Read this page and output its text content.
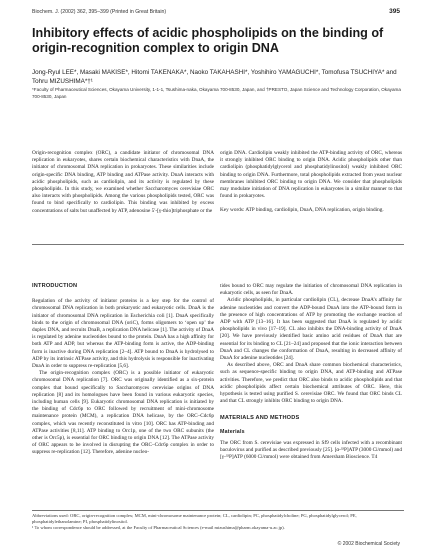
Biochem. J. (2002) 362, 395–399 (Printed in Great Britain)	395
Inhibitory effects of acidic phospholipids on the binding of origin-recognition complex to origin DNA
Jong-Ryul LEE*, Masaki MAKISE*, Hitomi TAKENAKA*, Naoko TAKAHASHI*, Yoshihiro YAMAGUCHI*, Tomofusa TSUCHIYA* and Tohru MIZUSHIMA*†¹
*Faculty of Pharmaceutical Sciences, Okayama University, 1-1-1, Tsushima-naka, Okayama 700-8530, Japan, and †PRESTO, Japan Science and Technology Corporation, Okayama 700-8530, Japan

Origin-recognition complex (ORC), a candidate initiator of chromosomal DNA replication in eukaryotes, shares certain biochemical characteristics with DnaA, the initiator of chromosomal DNA replication in prokaryotes. These similarities include origin-specific DNA binding, ATP binding and ATPase activity. DnaA interacts with acidic phospholipids, such as cardiolipin, and its activity is regulated by these phospholipids. In this study, we examined whether Saccharomyces cerevisiae ORC also interacts with phospholipids. Among the various phospholipids tested, ORC was found to bind specifically to cardiolipin. This binding was inhibited by excess concentrations of salts but unaffected by ATP, adenosine 5′-[γ-thio]triphosphate or the

origin DNA. Cardiolipin weakly inhibited the ATP-binding activity of ORC, whereas it strongly inhibited ORC binding to origin DNA. Acidic phospholipids other than cardiolipin (phosphatidylglycerol and phosphatidylinositol) weakly inhibited ORC binding to origin DNA. Furthermore, total phospholipids extracted from yeast nuclear membranes inhibited ORC binding to origin DNA. We consider that phospholipids may modulate initiation of DNA replication in eukaryotes in a similar manner to that found in prokaryotes.

Key words: ATP binding, cardiolipin, DnaA, DNA replication, origin binding.

INTRODUCTION

Regulation of the activity of initiator proteins is a key step for the control of chromosomal DNA replication in both prokaryotic and eukaryotic cells. DnaA is the initiator of chromosomal DNA replication in Escherichia coli [1]. DnaA specifically binds to the origin of chromosomal DNA (oriC), forms oligomers to ‘open up’ the duplex DNA, and recruits DnaB, a replication DNA helicase [1]. The activity of DnaA is regulated by adenine nucleotides bound to the protein. DnaA has a high affinity for both ATP and ADP, but whereas the ATP-binding form is active, the ADP-binding form is inactive during DNA replication [2–4]. ATP bound to DnaA is hydrolysed to ADP by its intrinsic ATPase activity, and this hydrolysis is responsible for inactivating DnaA in order to suppress re-replication [5,6].

The origin-recognition complex (ORC) is a possible initiator of eukaryotic chromosomal DNA replication [7]. ORC was originally identified as a six-protein complex that bound specifically to Saccharomyces cerevisiae origins of DNA replication [8] and its homologues have been found in various eukaryotic species, including human cells [9]. Eukaryotic chromosomal DNA replication is initiated by the binding of Cdc6p to ORC followed by recruitment of mini-chromosome maintenance protein (MCM), a replication DNA helicase, by the ORC–Cdc6p complex, which was recently reconstituted in vitro [10]. ORC has ATP-binding and ATPase activities [8,11]. ATP binding to Orc1p, one of the two ORC subunits (the other is Orc5p), is essential for ORC binding to origin DNA [12]. The ATPase activity of ORC appears to be involved in disrupting the ORC–Cdc6p complex in order to suppress re-replication [12]. Therefore, adenine nucleo-

tides bound to ORC may regulate the initiation of chromosomal DNA replication in eukaryotic cells, as seen for DnaA.

Acidic phospholipids, in particular cardiolipin (CL), decrease DnaA’s affinity for adenine nucleotides and convert the ADP-bound DnaA into the ATP-bound form in the presence of high concentrations of ATP by promoting the exchange reaction of ADP with ATP [13–16]. It has been suggested that DnaA is regulated by acidic phospholipids in vivo [17–19]. CL also inhibits the DNA-binding activity of DnaA [20]. We have previously identified basic amino acid residues of DnaA that are essential for its binding to CL [21–24] and proposed that the ionic interaction between DnaA and CL changes the conformation of DnaA, resulting in decreased affinity of DnaA for adenine nucleotides [24].

As described above, ORC and DnaA share common biochemical characteristics, such as sequence-specific binding to origin DNA, and ATP-binding and ATPase activities. Therefore, we predict that ORC also binds to acidic phospholipids and that acidic phospholipids affect certain biochemical attributes of ORC. Here, this hypothesis is tested using purified S. cerevisiae ORC. We found that ORC binds CL and that CL strongly inhibits ORC binding to origin DNA.

MATERIALS AND METHODS

Materials

The ORC from S. cerevisiae was expressed in Sf9 cells infected with a recombinant baculovirus and purified as described previously [25]. [α-³²P]ATP (3000 Ci/mmol) and [γ-³²P]ATP (6000 Ci/mmol) were obtained from Amersham Bioscience. T4

Abbreviations used: ORC, origin-recognition complex; MCM, mini-chromosome maintenance protein; CL, cardiolipin; PC, phosphatidylcholine; PG, phosphatidylglycerol; PE, phosphatidylethanolamine; PI, phosphatidylinositol.
¹ To whom correspondence should be addressed, at the Faculty of Pharmaceutical Sciences (e-mail mizushima@pharm.okayama-u.ac.jp).
© 2002 Biochemical Society
